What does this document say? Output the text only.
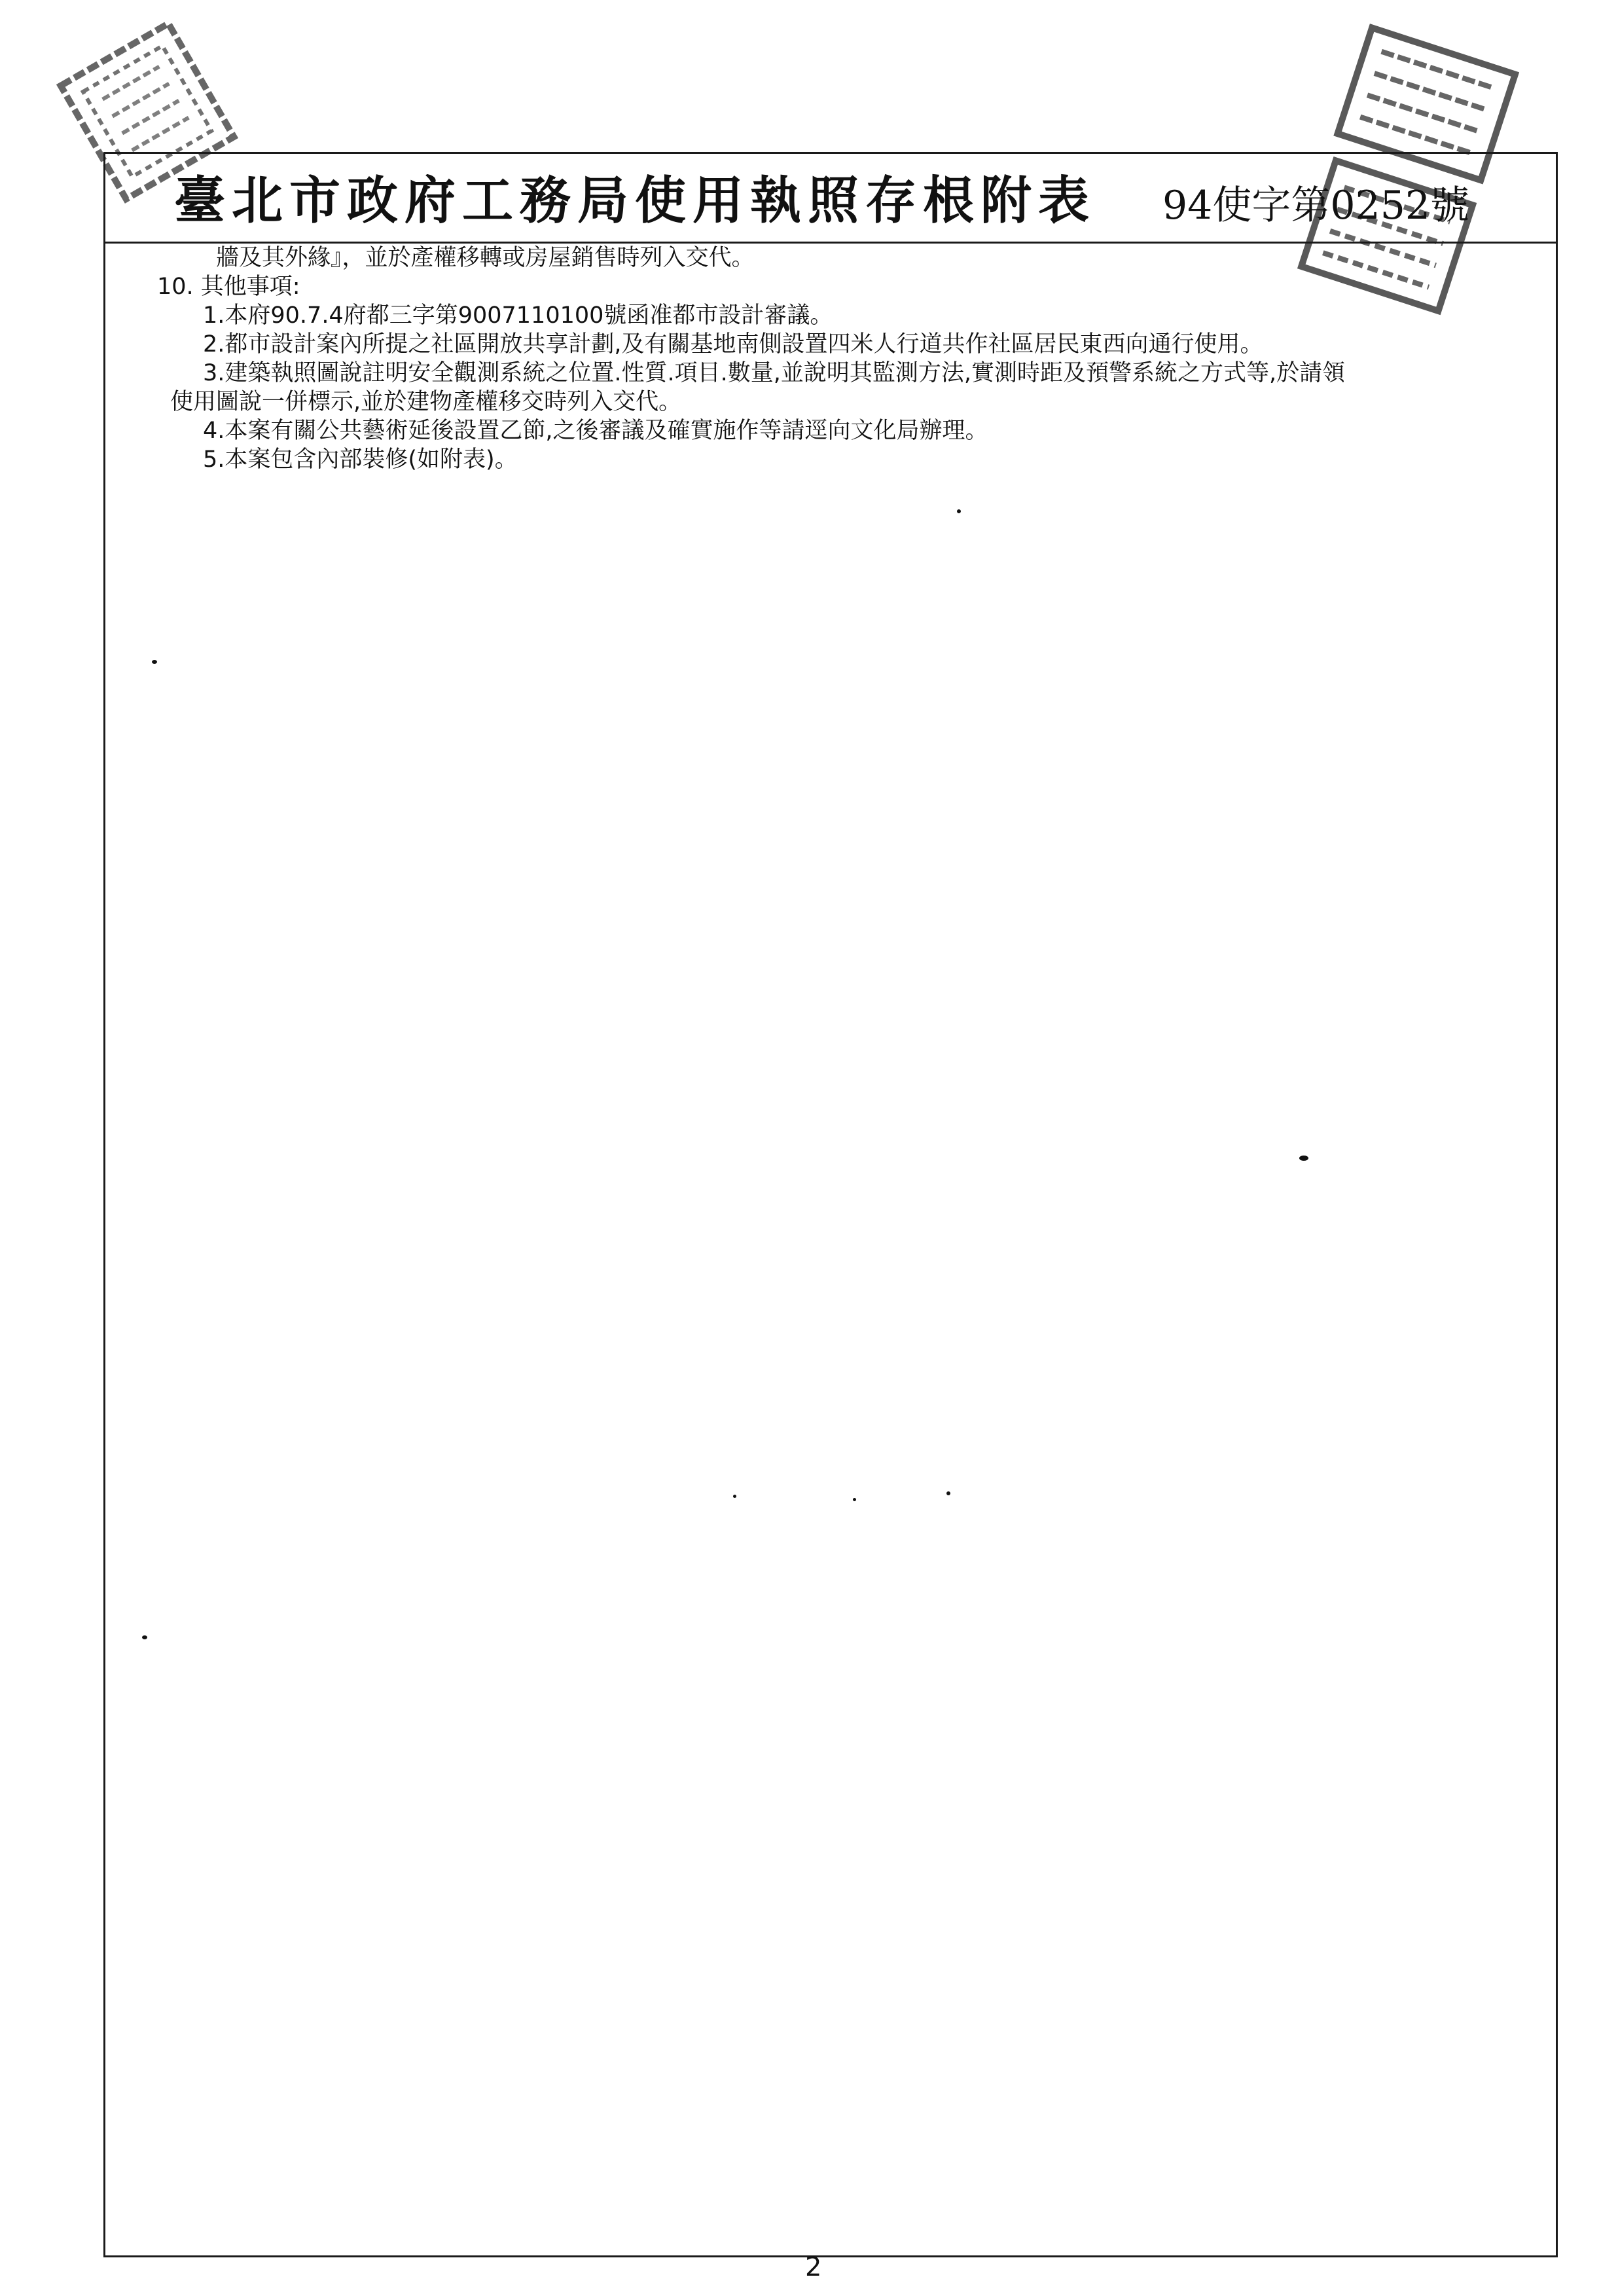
臺北市政府工務局使用執照存根附表 94使字第0252號
牆及其外緣』，並於產權移轉或房屋銷售時列入交代。
10. 其他事項:
1.本府90.7.4府都三字第9007110100號函准都市設計審議。
2.都市設計案內所提之社區開放共享計劃,及有關基地南側設置四米人行道共作社區居民東西向通行使用。
3.建築執照圖說註明安全觀測系統之位置.性質.項目.數量,並說明其監測方法,實測時距及預警系統之方式等,於請領
使用圖說一併標示,並於建物產權移交時列入交代。
4.本案有關公共藝術延後設置乙節,之後審議及確實施作等請逕向文化局辦理。
5.本案包含內部裝修(如附表)。
2
